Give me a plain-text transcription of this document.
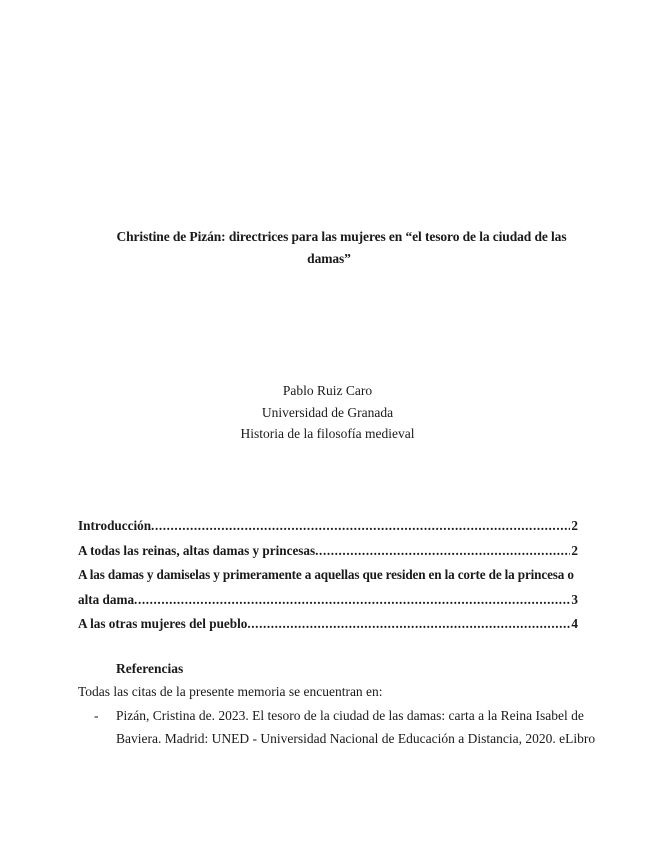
Christine de Pizán: directrices para las mujeres en “el tesoro de la ciudad de las
damas”
Pablo Ruiz Caro
Universidad de Granada
Historia de la filosofía medieval
Introducción .....	2
A todas las reinas, altas damas y princesas .....	2
A las damas y damiselas y primeramente a aquellas que residen en la corte de la princesa o
alta dama .....	3
A las otras mujeres del pueblo .....	4
Referencias
Todas las citas de la presente memoria se encuentran en:
- Pizán, Cristina de. 2023. El tesoro de la ciudad de las damas: carta a la Reina Isabel de
Baviera. Madrid: UNED - Universidad Nacional de Educación a Distancia, 2020. eLibro
